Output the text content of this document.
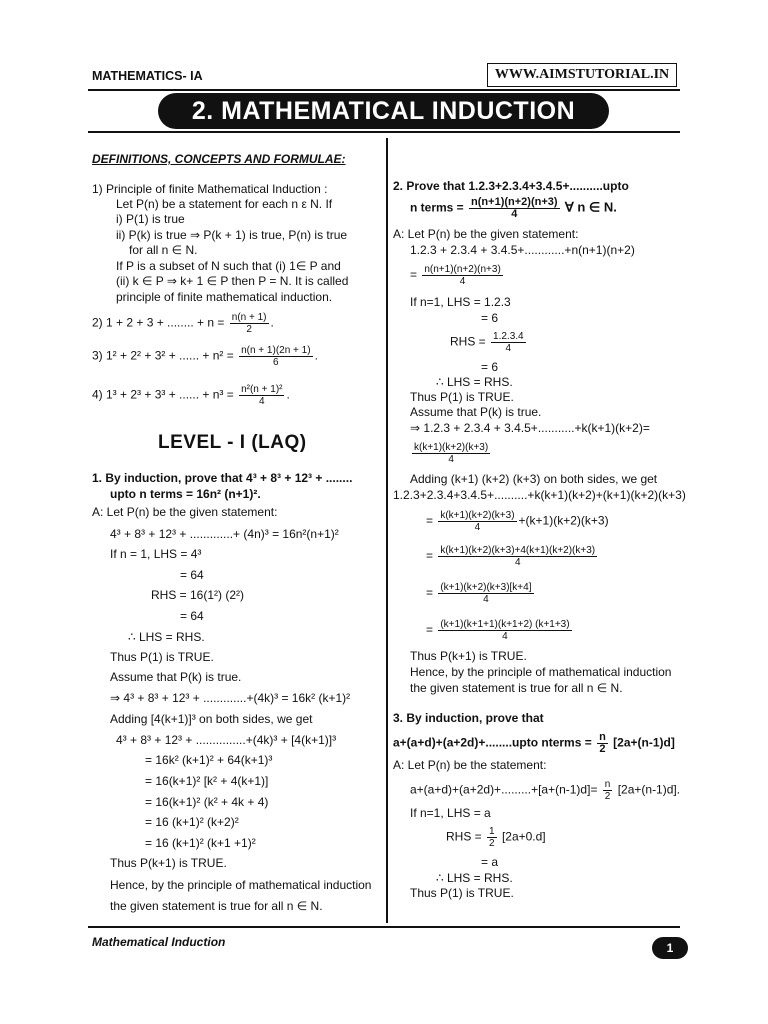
MATHEMATICS- IA	WWW.AIMSTUTORIAL.IN
2. MATHEMATICAL INDUCTION
DEFINITIONS, CONCEPTS AND FORMULAE:
1) Principle of finite Mathematical Induction :
Let P(n) be a statement for each n ε N. If
i) P(1) is true
ii) P(k) is true ⇒ P(k + 1) is true, P(n) is true
for all n ∈ N.
If P is a subset of N such that (i) 1∈ P and
(ii) k ∈ P ⇒ k+ 1 ∈ P then P = N. It is called
principle of finite mathematical induction.
2) 1 + 2 + 3 + ........ + $n = \frac{n(n + 1)}{2}$ .
3) 1² + 2² + 3² + ...... + $n^2 = \frac{n(n + 1)(2n + 1)}{6}$ .
4) 1³ + 2³ + 3³ + ...... + $n^3 = \frac{\text{n²(n + 1)²}}{4}$ .
LEVEL - I (LAQ)
1. By induction, prove that 4³ + 8³ + 12³ + ........
upto n terms = 16n² (n+1)².
A: Let P(n) be the given statement:
4³ + 8³ + 12³ + .............+ (4n)³ = 16n²(n+1)²
If n = 1, LHS = 4³
= 64
RHS = 16(1²) (2²)
= 64
∴ LHS = RHS.
Thus P(1) is TRUE.
Assume that P(k) is true.
⇒ 4³ + 8³ + 12³ + .............+(4k)³ = 16k² (k+1)²
Adding [4(k+1)]³ on both sides, we get
4³ + 8³ + 12³ + ...............+(4k)³ + [4(k+1)]³
= 16k² (k+1)² + 64(k+1)³
= 16(k+1)² [k² + 4(k+1)]
= 16(k+1)² (k² + 4k + 4)
= 16 (k+1)² (k+2)²
= 16 (k+1)² (k+1 +1)²
Thus P(k+1) is TRUE.
Hence, by the principle of mathematical induction
the given statement is true for all n ∈ N.
2. Prove that 1.2.3+2.3.4+3.4.5+..........upto
n terms = $\frac{n(n+1)(n+2)(n+3)}{4}$ ∀ n ∈ N.
A: Let P(n) be the given statement:
1.2.3 + 2.3.4 + 3.4.5+............+n(n+1)(n+2)
= $\frac{n(n+1)(n+2)(n+3)}{4}$
If n=1, LHS = 1.2.3
= 6
RHS = $\frac{1.2.3.4}{4}$
= 6
∴ LHS = RHS.
Thus P(1) is TRUE.
Assume that P(k) is true.
⇒ 1.2.3 + 2.3.4 + 3.4.5+...........+k(k+1)(k+2)=
$\frac{k(k+1)(k+2)(k+3)}{4}$
Adding (k+1) (k+2) (k+3) on both sides, we get
1.2.3+2.3.4+3.4.5+..........+k(k+1)(k+2)+(k+1)(k+2)(k+3)
= $\frac{k(k+1)(k+2)(k+3)}{4} +(k+1)(k+2)(k+3)$
= $\frac{k(k+1)(k+2)(k+3)+4(k+1)(k+2)(k+3)}{4}$
= $\frac{(k+1)(k+2)(k+3)[k+4]}{4}$
= $\frac{(k+1)(k+1+1)(k+1+2) (k+1+3)}{4}$
Thus P(k+1) is TRUE.
Hence, by the principle of mathematical induction
the given statement is true for all n ∈ N.
3. By induction, prove that
a+(a+d)+(a+2d)+........upto nterms = $\frac{n}{2} [2a+(n-1)d]$
A: Let P(n) be the statement:
$a+(a+d)+(a+2d)+.........+[a+(n-1)d]= \frac{n}{2} [2a+(n-1)d]$.
If n=1, LHS = a
RHS = $\frac{1}{2} [2a+0.d]$
= a
∴ LHS = RHS.
Thus P(1) is TRUE.
Mathematical Induction	1
